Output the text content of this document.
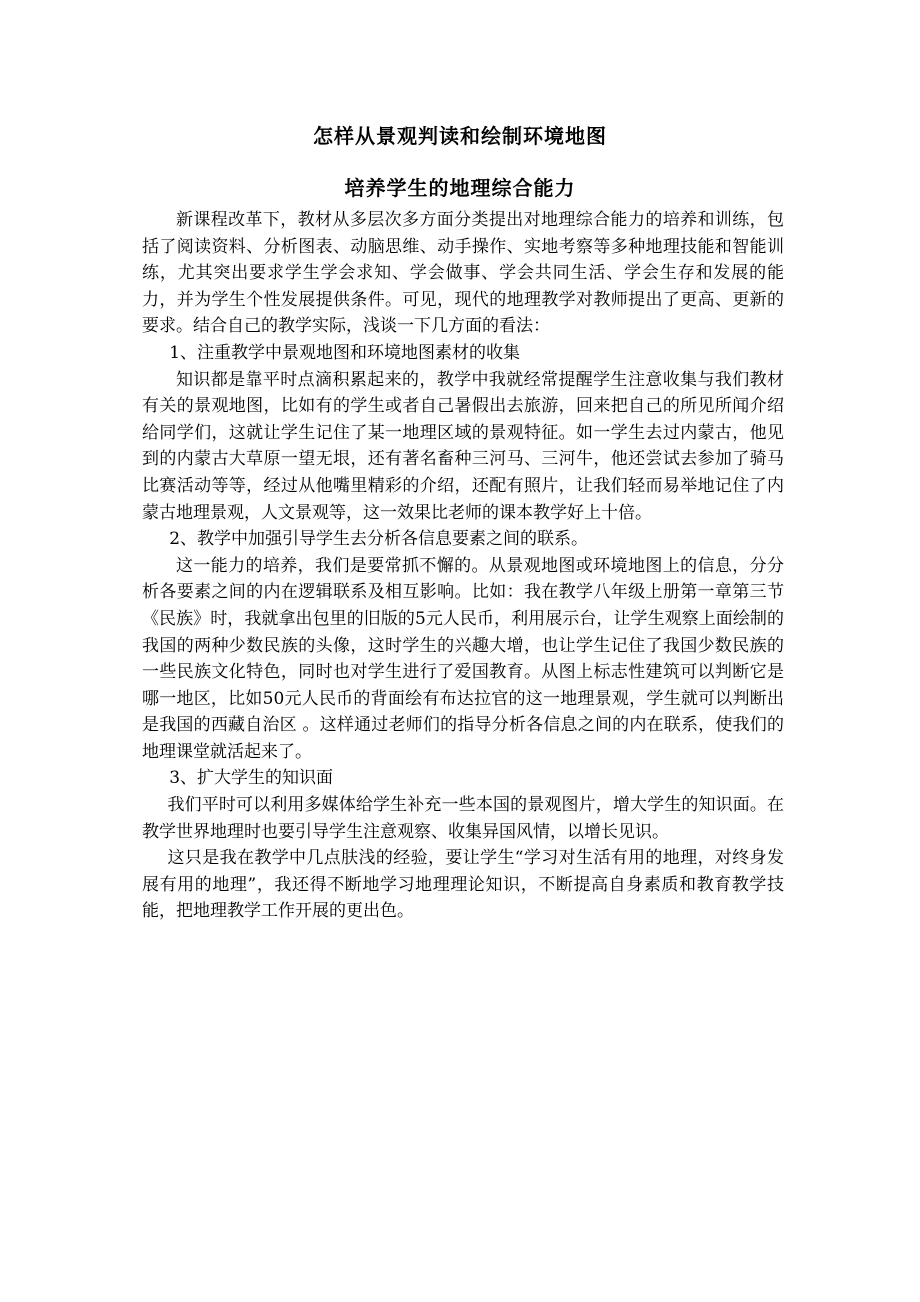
怎样从景观判读和绘制环境地图
培养学生的地理综合能力

新课程改革下，教材从多层次多方面分类提出对地理综合能力的培养和训练，包括了阅读资料、分析图表、动脑思维、动手操作、实地考察等多种地理技能和智能训练，尤其突出要求学生学会求知、学会做事、学会共同生活、学会生存和发展的能力，并为学生个性发展提供条件。可见，现代的地理教学对教师提出了更高、更新的要求。结合自己的教学实际，浅谈一下几方面的看法：

1、注重教学中景观地图和环境地图素材的收集

知识都是靠平时点滴积累起来的，教学中我就经常提醒学生注意收集与我们教材有关的景观地图，比如有的学生或者自己暑假出去旅游，回来把自己的所见所闻介绍给同学们，这就让学生记住了某一地理区域的景观特征。如一学生去过内蒙古，他见到的内蒙古大草原一望无垠，还有著名畜种三河马、三河牛，他还尝试去参加了骑马比赛活动等等，经过从他嘴里精彩的介绍，还配有照片，让我们轻而易举地记住了内蒙古地理景观，人文景观等，这一效果比老师的课本教学好上十倍。

2、教学中加强引导学生去分析各信息要素之间的联系。

这一能力的培养，我们是要常抓不懈的。从景观地图或环境地图上的信息，分分析各要素之间的内在逻辑联系及相互影响。比如：我在教学八年级上册第一章第三节《民族》时，我就拿出包里的旧版的5元人民币，利用展示台，让学生观察上面绘制的我国的两种少数民族的头像，这时学生的兴趣大增，也让学生记住了我国少数民族的一些民族文化特色，同时也对学生进行了爱国教育。从图上标志性建筑可以判断它是哪一地区，比如50元人民币的背面绘有布达拉官的这一地理景观，学生就可以判断出是我国的西藏自治区 。这样通过老师们的指导分析各信息之间的内在联系，使我们的地理课堂就活起来了。

3、扩大学生的知识面

我们平时可以利用多媒体给学生补充一些本国的景观图片，增大学生的知识面。在教学世界地理时也要引导学生注意观察、收集异国风情，以增长见识。

这只是我在教学中几点肤浅的经验，要让学生“学习对生活有用的地理，对终身发展有用的地理”，我还得不断地学习地理理论知识，不断提高自身素质和教育教学技能，把地理教学工作开展的更出色。
